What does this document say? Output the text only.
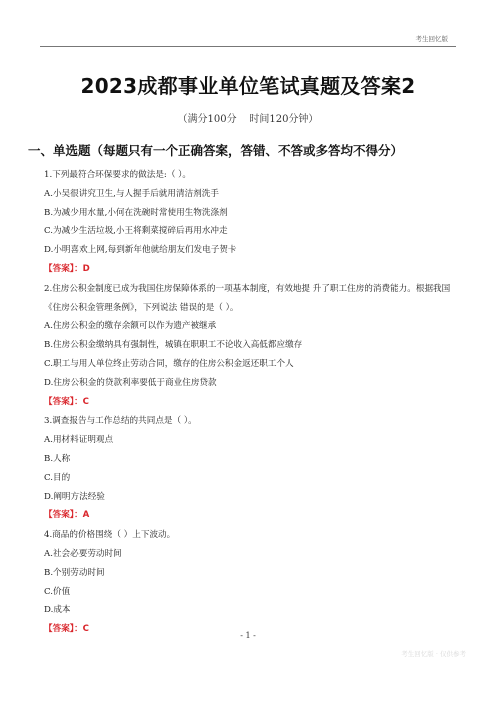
考生回忆版
2023成都事业单位笔试真题及答案2
（满分100分    时间120分钟）
一、单选题（每题只有一个正确答案，答错、不答或多答均不得分）
1.下列最符合环保要求的做法是:（ ）。
A.小吴很讲究卫生,与人握手后就用清洁剂洗手
B.为减少用水量,小何在洗碗时常使用生物洗涤剂
C.为减少生活垃圾,小王将剩菜搅碎后再用水冲走
D.小明喜欢上网,每到新年他就给朋友们发电子贺卡
【答案】：D
2.住房公积金制度已成为我国住房保障体系的一项基本制度，有效地提 升了职工住房的消费能力。根据我国《住房公积金管理条例》，下列说法 错误的是（ ）。
A.住房公积金的缴存余额可以作为遗产被继承
B.住房公积金缴纳具有强制性，城镇在职职工不论收入高低都应缴存
C.职工与用人单位终止劳动合同，缴存的住房公积金返还职工个人
D.住房公积金的贷款利率要低于商业住房贷款
【答案】：C
3.调查报告与工作总结的共同点是（ ）。
A.用材料证明观点
B.人称
C.目的
D.阐明方法经验
【答案】：A
4.商品的价格围绕（ ）上下波动。
A.社会必要劳动时间
B.个别劳动时间
C.价值
D.成本
【答案】：C
- 1 -
考生回忆版 · 仅供参考
